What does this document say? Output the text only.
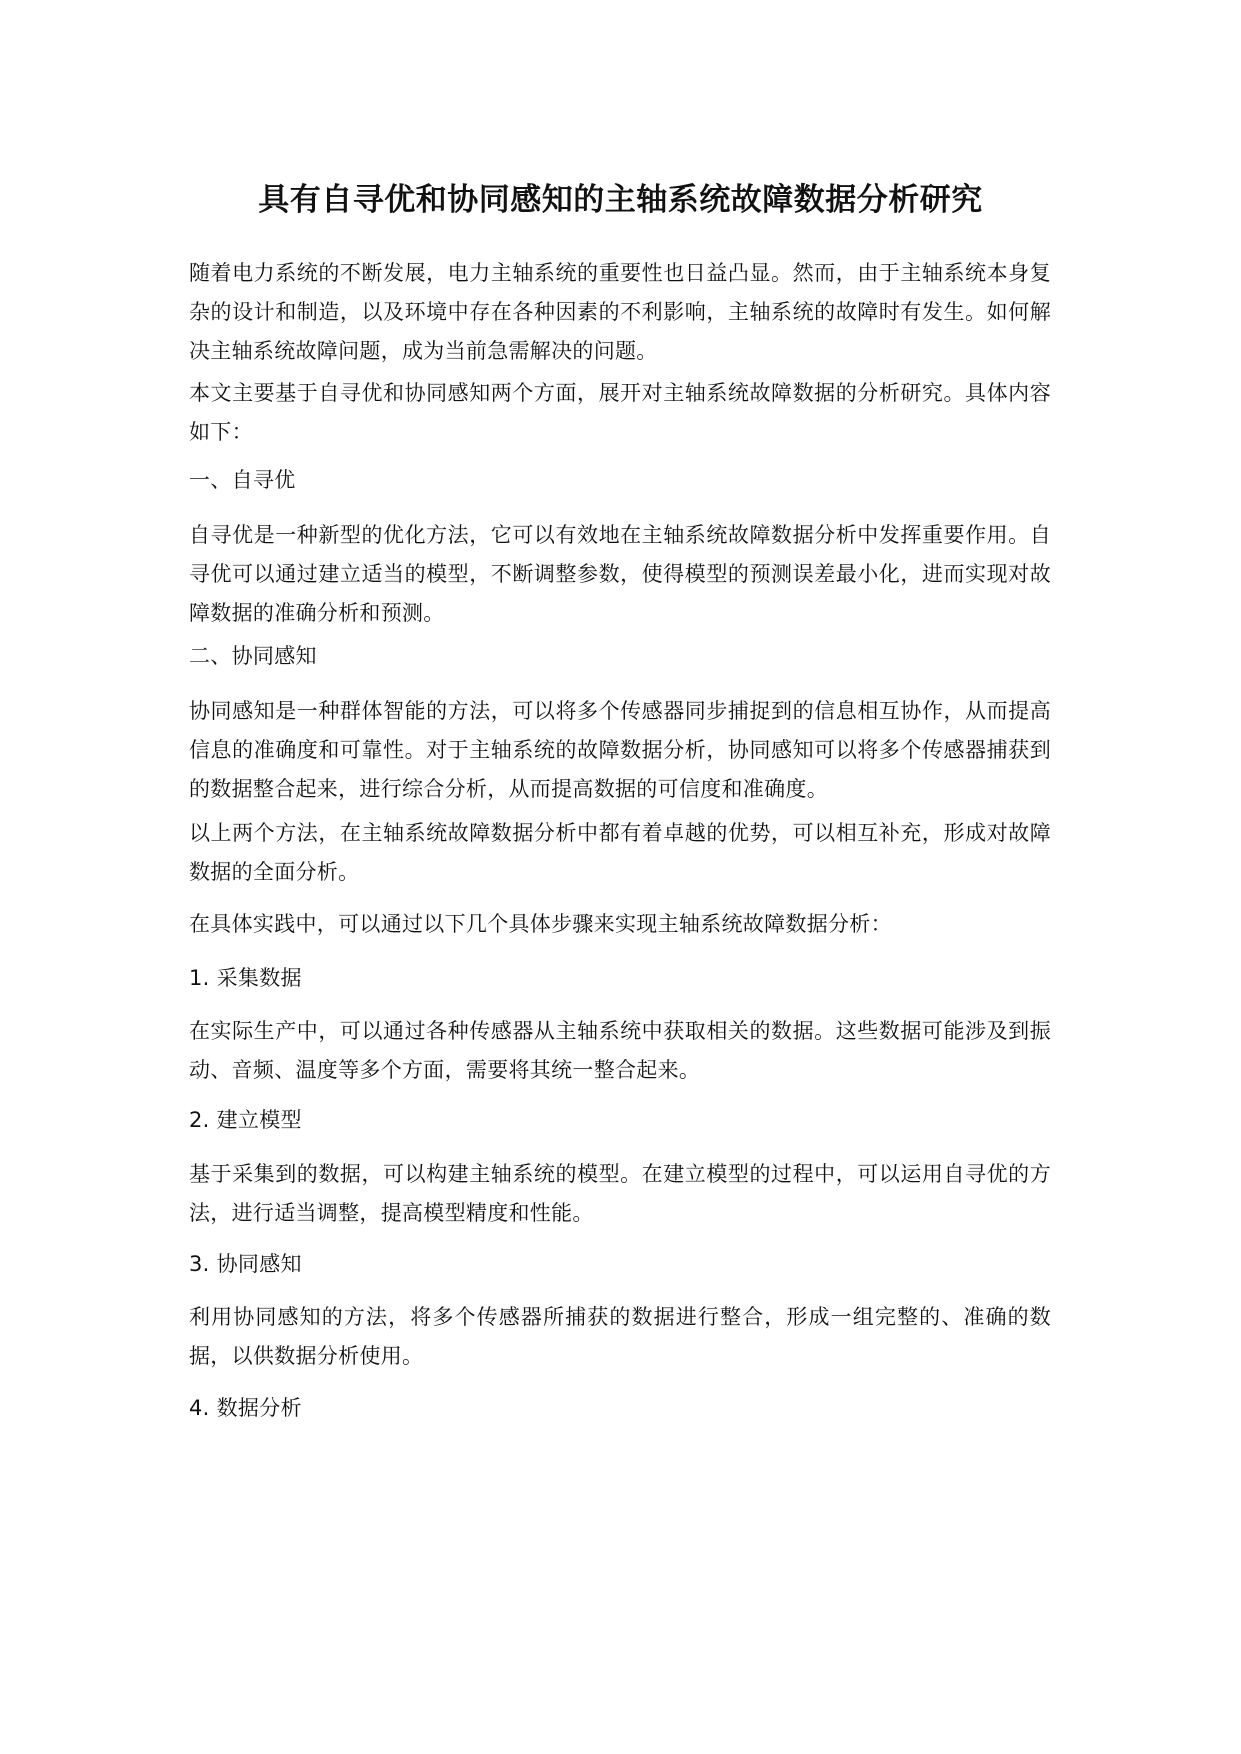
具有自寻优和协同感知的主轴系统故障数据分析研究

随着电力系统的不断发展，电力主轴系统的重要性也日益凸显。然而，由于主轴系统本身复杂的设计和制造，以及环境中存在各种因素的不利影响，主轴系统的故障时有发生。如何解决主轴系统故障问题，成为当前急需解决的问题。

本文主要基于自寻优和协同感知两个方面，展开对主轴系统故障数据的分析研究。具体内容如下：

一、自寻优

自寻优是一种新型的优化方法，它可以有效地在主轴系统故障数据分析中发挥重要作用。自寻优可以通过建立适当的模型，不断调整参数，使得模型的预测误差最小化，进而实现对故障数据的准确分析和预测。

二、协同感知

协同感知是一种群体智能的方法，可以将多个传感器同步捕捉到的信息相互协作，从而提高信息的准确度和可靠性。对于主轴系统的故障数据分析，协同感知可以将多个传感器捕获到的数据整合起来，进行综合分析，从而提高数据的可信度和准确度。

以上两个方法，在主轴系统故障数据分析中都有着卓越的优势，可以相互补充，形成对故障数据的全面分析。

在具体实践中，可以通过以下几个具体步骤来实现主轴系统故障数据分析：

1. 采集数据

在实际生产中，可以通过各种传感器从主轴系统中获取相关的数据。这些数据可能涉及到振动、音频、温度等多个方面，需要将其统一整合起来。

2. 建立模型

基于采集到的数据，可以构建主轴系统的模型。在建立模型的过程中，可以运用自寻优的方法，进行适当调整，提高模型精度和性能。

3. 协同感知

利用协同感知的方法，将多个传感器所捕获的数据进行整合，形成一组完整的、准确的数据，以供数据分析使用。

4. 数据分析
